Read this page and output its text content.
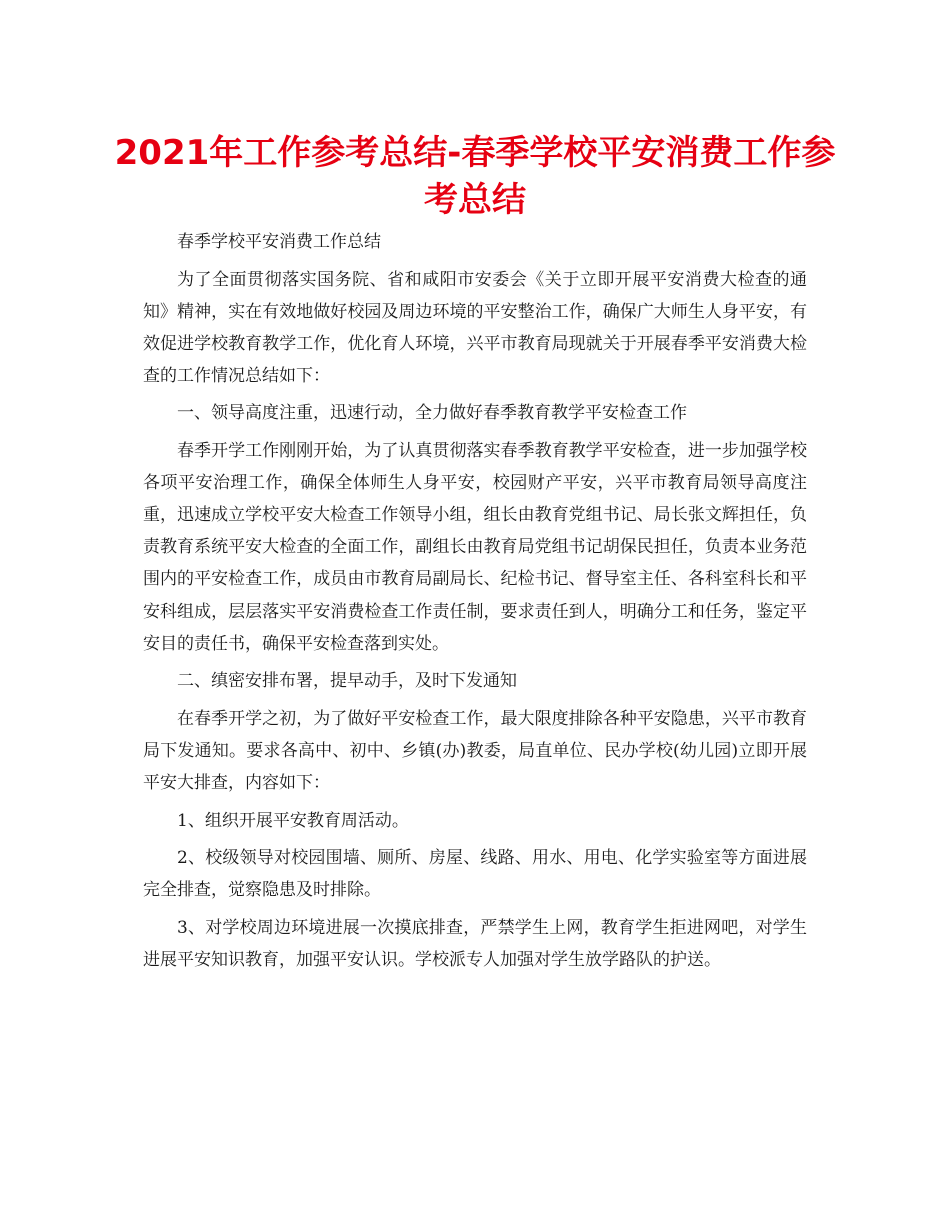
2021年工作参考总结-春季学校平安消费工作参考总结

春季学校平安消费工作总结

为了全面贯彻落实国务院、省和咸阳市安委会《关于立即开展平安消费大检查的通知》精神，实在有效地做好校园及周边环境的平安整治工作，确保广大师生人身平安，有效促进学校教育教学工作，优化育人环境，兴平市教育局现就关于开展春季平安消费大检查的工作情况总结如下：

一、领导高度注重，迅速行动，全力做好春季教育教学平安检查工作

春季开学工作刚刚开始，为了认真贯彻落实春季教育教学平安检查，进一步加强学校各项平安治理工作，确保全体师生人身平安，校园财产平安，兴平市教育局领导高度注重，迅速成立学校平安大检查工作领导小组，组长由教育党组书记、局长张文辉担任，负责教育系统平安大检查的全面工作，副组长由教育局党组书记胡保民担任，负责本业务范围内的平安检查工作，成员由市教育局副局长、纪检书记、督导室主任、各科室科长和平安科组成，层层落实平安消费检查工作责任制，要求责任到人，明确分工和任务，鉴定平安目的责任书，确保平安检查落到实处。

二、缜密安排布署，提早动手，及时下发通知

在春季开学之初，为了做好平安检查工作，最大限度排除各种平安隐患，兴平市教育局下发通知。要求各高中、初中、乡镇(办)教委，局直单位、民办学校(幼儿园)立即开展平安大排查，内容如下：

1、组织开展平安教育周活动。

2、校级领导对校园围墙、厕所、房屋、线路、用水、用电、化学实验室等方面进展完全排查，觉察隐患及时排除。

3、对学校周边环境进展一次摸底排查，严禁学生上网，教育学生拒进网吧，对学生进展平安知识教育，加强平安认识。学校派专人加强对学生放学路队的护送。
